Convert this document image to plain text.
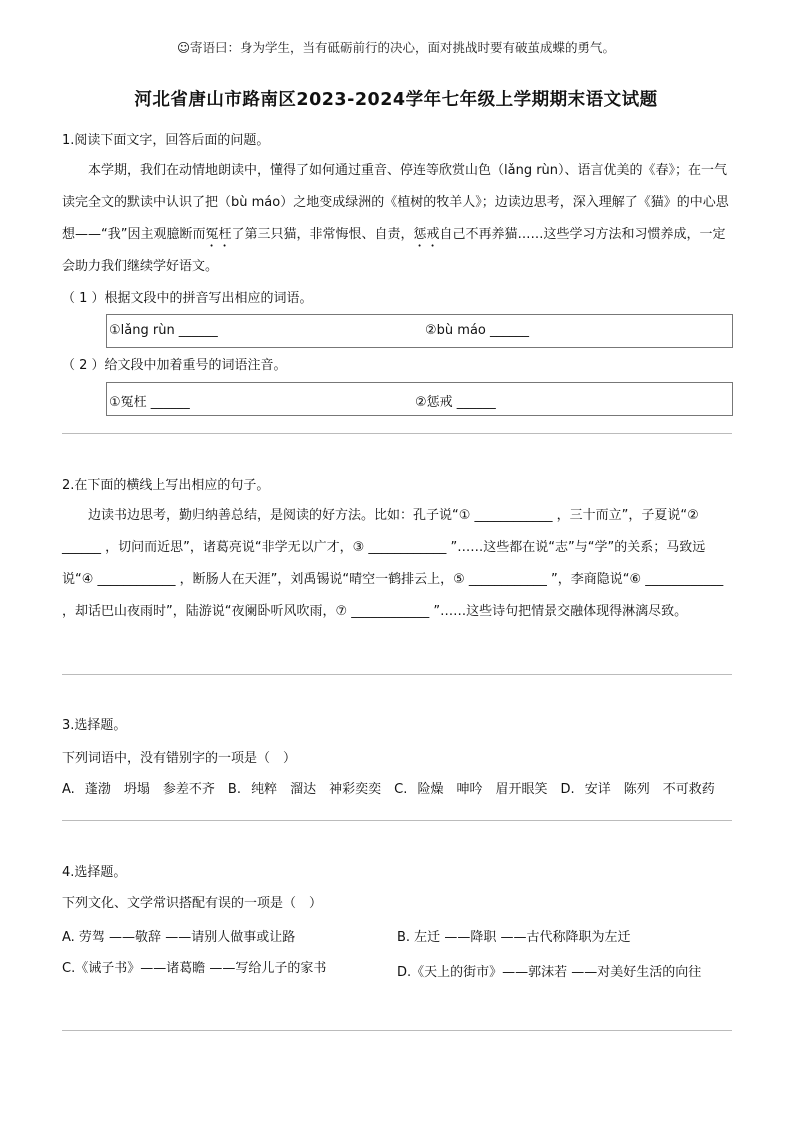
☺寄语曰：身为学生，当有砥砺前行的决心，面对挑战时要有破茧成蝶的勇气。
河北省唐山市路南区2023-2024学年七年级上学期期末语文试题
1.阅读下面文字，回答后面的问题。
本学期，我们在动情地朗读中，懂得了如何通过重音、停连等欣赏山色（lǎng rùn）、语言优美的《春》；在一气读完全文的默读中认识了把（bù máo）之地变成绿洲的《植树的牧羊人》；边读边思考，深入理解了《猫》的中心思想——“我”因主观臆断而冤枉了第三只猫，非常悔恨、自责，惩戒自己不再养猫……这些学习方法和习惯养成，一定会助力我们继续学好语文。
（ 1 ）根据文段中的拼音写出相应的词语。
①lǎng rùn ______	②bù máo ______
（ 2 ）给文段中加着重号的词语注音。
①冤枉 ______	②惩戒 ______
2.在下面的横线上写出相应的句子。
边读书边思考，勤归纳善总结，是阅读的好方法。比如：孔子说“① ____________ ，三十而立”，子夏说“② ______ ，切问而近思”，诸葛亮说“非学无以广才，③ ____________ ”……这些都在说“志”与“学”的关系；马致远说“④ ____________ ，断肠人在天涯”，刘禹锡说“晴空一鹤排云上，⑤ ____________ ”，李商隐说“⑥ ____________ ，却话巴山夜雨时”，陆游说“夜阑卧听风吹雨，⑦ ____________ ”……这些诗句把情景交融体现得淋漓尽致。
3.选择题。
下列词语中，没有错别字的一项是（　）
A. 蓬渤　坍塌　参差不齐　B. 纯粹　溜达　神彩奕奕　C. 险燥　呻吟　眉开眼笑　D. 安详　陈列　不可救药
4.选择题。
下列文化、文学常识搭配有误的一项是（　）
A. 劳驾 ——敬辞 ——请别人做事或让路	B. 左迁 ——降职 ——古代称降职为左迁
C.《诫子书》——诸葛瞻 ——写给儿子的家书	D.《天上的街市》——郭沫若 ——对美好生活的向往
